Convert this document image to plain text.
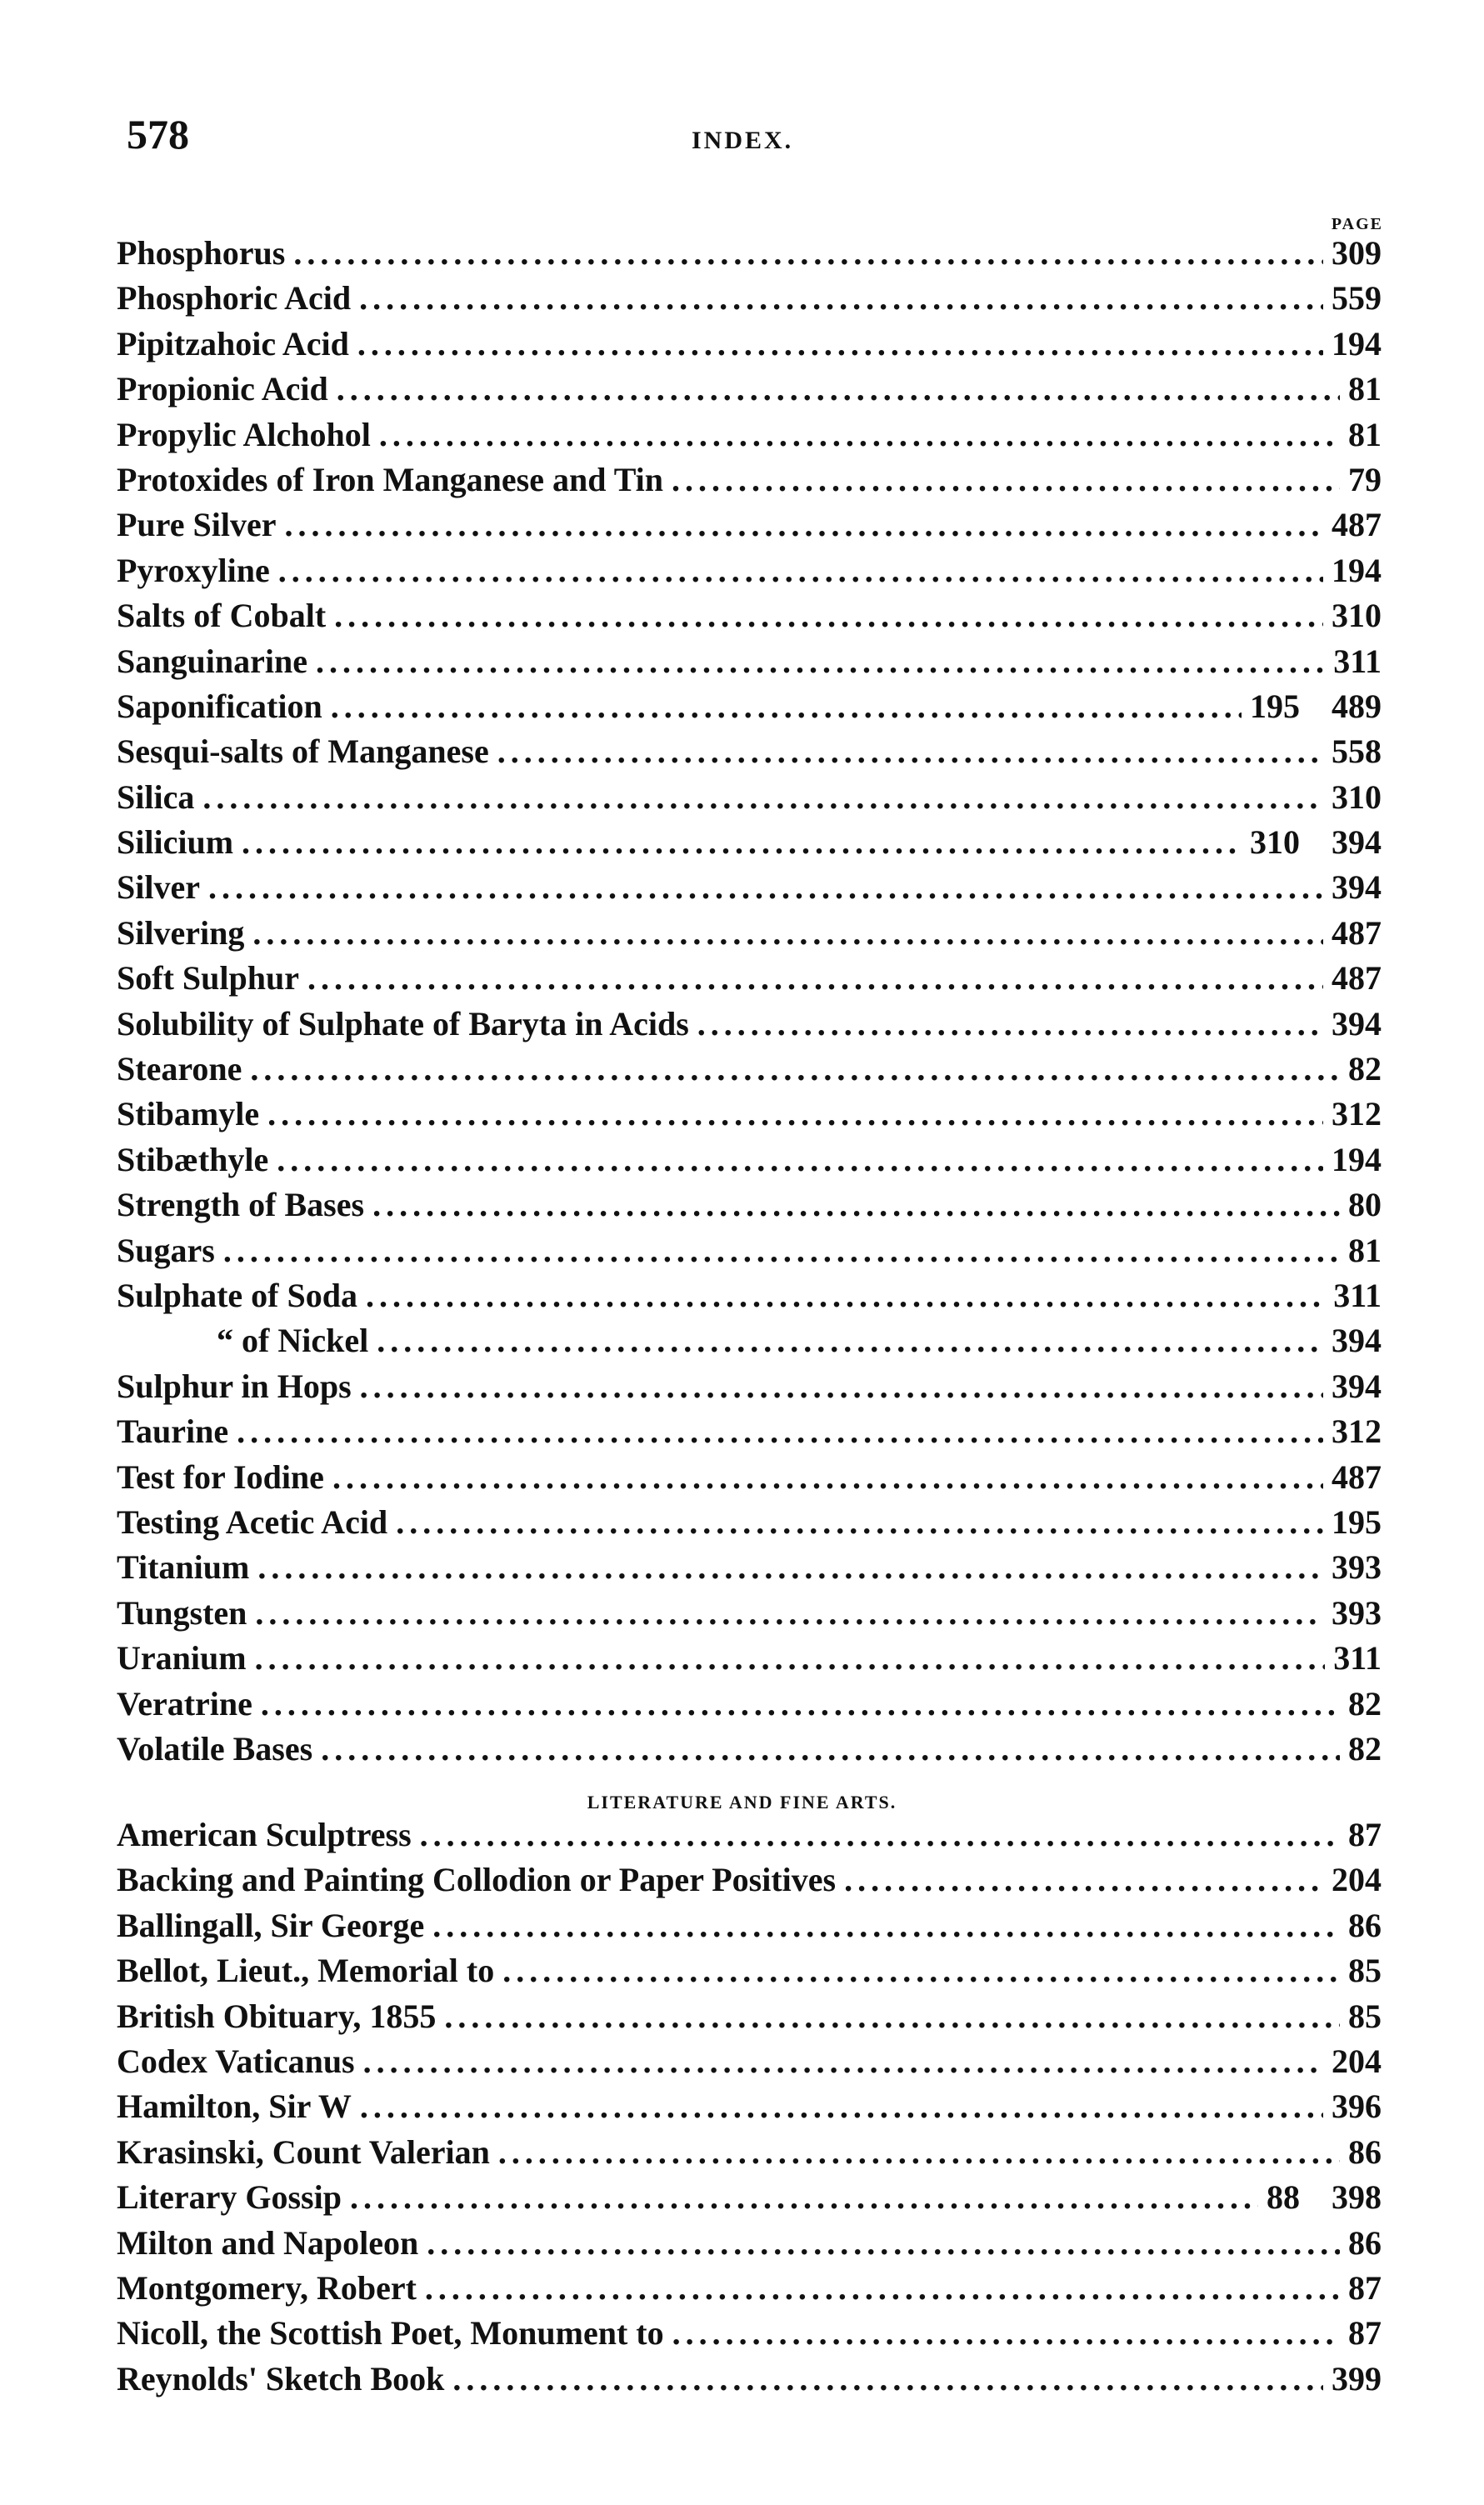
578	INDEX.
PAGE
Phosphorus .....	309
Phosphoric Acid .....	559
Pipitzahoic Acid .....	194
Propionic Acid .....	81
Propylic Alchohol .....	81
Protoxides of Iron Manganese and Tin .....	79
Pure Silver .....	487
Pyroxyline .....	194
Salts of Cobalt .....	310
Sanguinarine .....	311
Saponification .....	195 489
Sesqui-salts of Manganese .....	558
Silica .....	310
Silicium .....	310 394
Silver .....	394
Silvering .....	487
Soft Sulphur .....	487
Solubility of Sulphate of Baryta in Acids .....	394
Stearone .....	82
Stibamyle .....	312
Stibæthyle .....	194
Strength of Bases .....	80
Sugars .....	81
Sulphate of Soda .....	311
“ of Nickel .....	394
Sulphur in Hops .....	394
Taurine .....	312
Test for Iodine .....	487
Testing Acetic Acid .....	195
Titanium .....	393
Tungsten .....	393
Uranium .....	311
Veratrine .....	82
Volatile Bases .....	82
LITERATURE AND FINE ARTS.
American Sculptress .....	87
Backing and Painting Collodion or Paper Positives .....	204
Ballingall, Sir George .....	86
Bellot, Lieut., Memorial to .....	85
British Obituary, 1855 .....	85
Codex Vaticanus .....	204
Hamilton, Sir W .....	396
Krasinski, Count Valerian .....	86
Literary Gossip .....	88 398
Milton and Napoleon .....	86
Montgomery, Robert .....	87
Nicoll, the Scottish Poet, Monument to .....	87
Reynolds' Sketch Book .....	399
